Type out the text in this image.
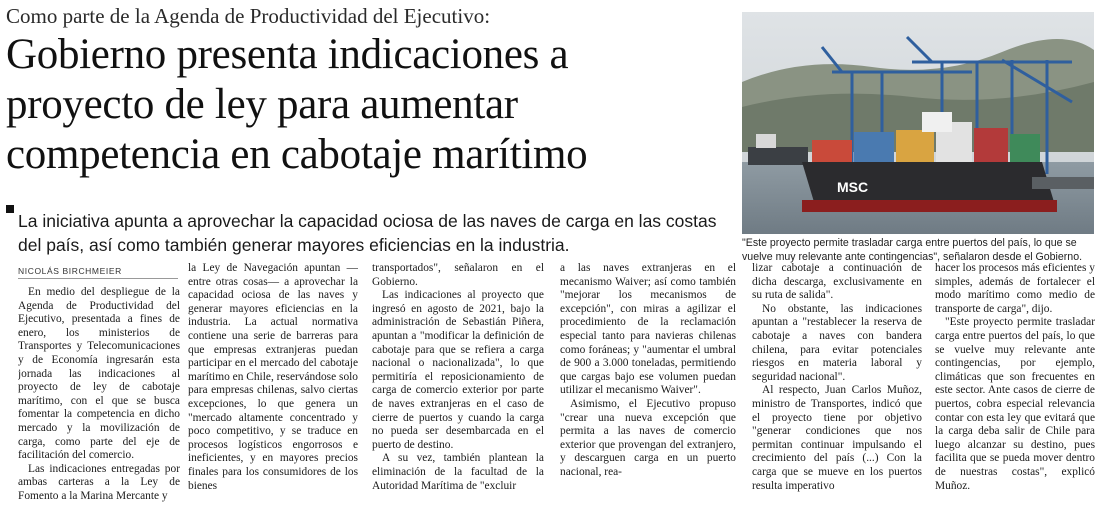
Como parte de la Agenda de Productividad del Ejecutivo:
Gobierno presenta indicaciones a
proyecto de ley para aumentar
competencia en cabotaje marítimo
La iniciativa apunta a aprovechar la capacidad ociosa de las naves de carga en las costas del país, así como también generar mayores eficiencias en la industria.
MSC
"Este proyecto permite trasladar carga entre puertos del país, lo que se vuelve muy relevante ante contingencias", señalaron desde el Gobierno.
NICOLÁS BIRCHMEIER

En medio del despliegue de la Agenda de Productividad del Ejecutivo, presentada a fines de enero, los ministerios de Transportes y Telecomunicaciones y de Economía ingresarán esta jornada las indicaciones al proyecto de ley de cabotaje marítimo, con el que se busca fomentar la competencia en dicho mercado y la movilización de carga, como parte del eje de facilitación del comercio.

Las indicaciones entregadas por ambas carteras a la Ley de Fomento a la Marina Mercante y

la Ley de Navegación apuntan —entre otras cosas— a aprovechar la capacidad ociosa de las naves y generar mayores eficiencias en la industria. La actual normativa contiene una serie de barreras para que empresas extranjeras puedan participar en el mercado del cabotaje marítimo en Chile, reservándose solo para empresas chilenas, salvo ciertas excepciones, lo que genera un "mercado altamente concentrado y poco competitivo, y se traduce en procesos logísticos engorrosos e ineficientes, y en mayores precios finales para los consumidores de los bienes

transportados", señalaron en el Gobierno.

Las indicaciones al proyecto que ingresó en agosto de 2021, bajo la administración de Sebastián Piñera, apuntan a "modificar la definición de cabotaje para que se refiera a carga nacional o nacionalizada", lo que permitiría el reposicionamiento de carga de comercio exterior por parte de naves extranjeras en el caso de cierre de puertos y cuando la carga no pueda ser desembarcada en el puerto de destino.

A su vez, también plantean la eliminación de la facultad de la Autoridad Marítima de "excluir

a las naves extranjeras en el mecanismo Waiver; así como también "mejorar los mecanismos de excepción", con miras a agilizar el procedimiento de la reclamación especial tanto para navieras chilenas como foráneas; y "aumentar el umbral de 900 a 3.000 toneladas, permitiendo que cargas bajo ese volumen puedan utilizar el mecanismo Waiver".

Asimismo, el Ejecutivo propuso "crear una nueva excepción que permita a las naves de comercio exterior que provengan del extranjero, y descarguen carga en un puerto nacional, rea-

lizar cabotaje a continuación de dicha descarga, exclusivamente en su ruta de salida".

No obstante, las indicaciones apuntan a "restablecer la reserva de cabotaje a naves con bandera chilena, para evitar potenciales riesgos en materia laboral y seguridad nacional".

Al respecto, Juan Carlos Muñoz, ministro de Transportes, indicó que el proyecto tiene por objetivo "generar condiciones que nos permitan continuar impulsando el crecimiento del país (...) Con la carga que se mueve en los puertos resulta imperativo

hacer los procesos más eficientes y simples, además de fortalecer el modo marítimo como medio de transporte de carga", dijo.

"Este proyecto permite trasladar carga entre puertos del país, lo que se vuelve muy relevante ante contingencias, por ejemplo, climáticas que son frecuentes en este sector. Ante casos de cierre de puertos, cobra especial relevancia contar con esta ley que evitará que la carga deba salir de Chile para luego alcanzar su destino, pues facilita que se pueda mover dentro de nuestras costas", explicó Muñoz.
